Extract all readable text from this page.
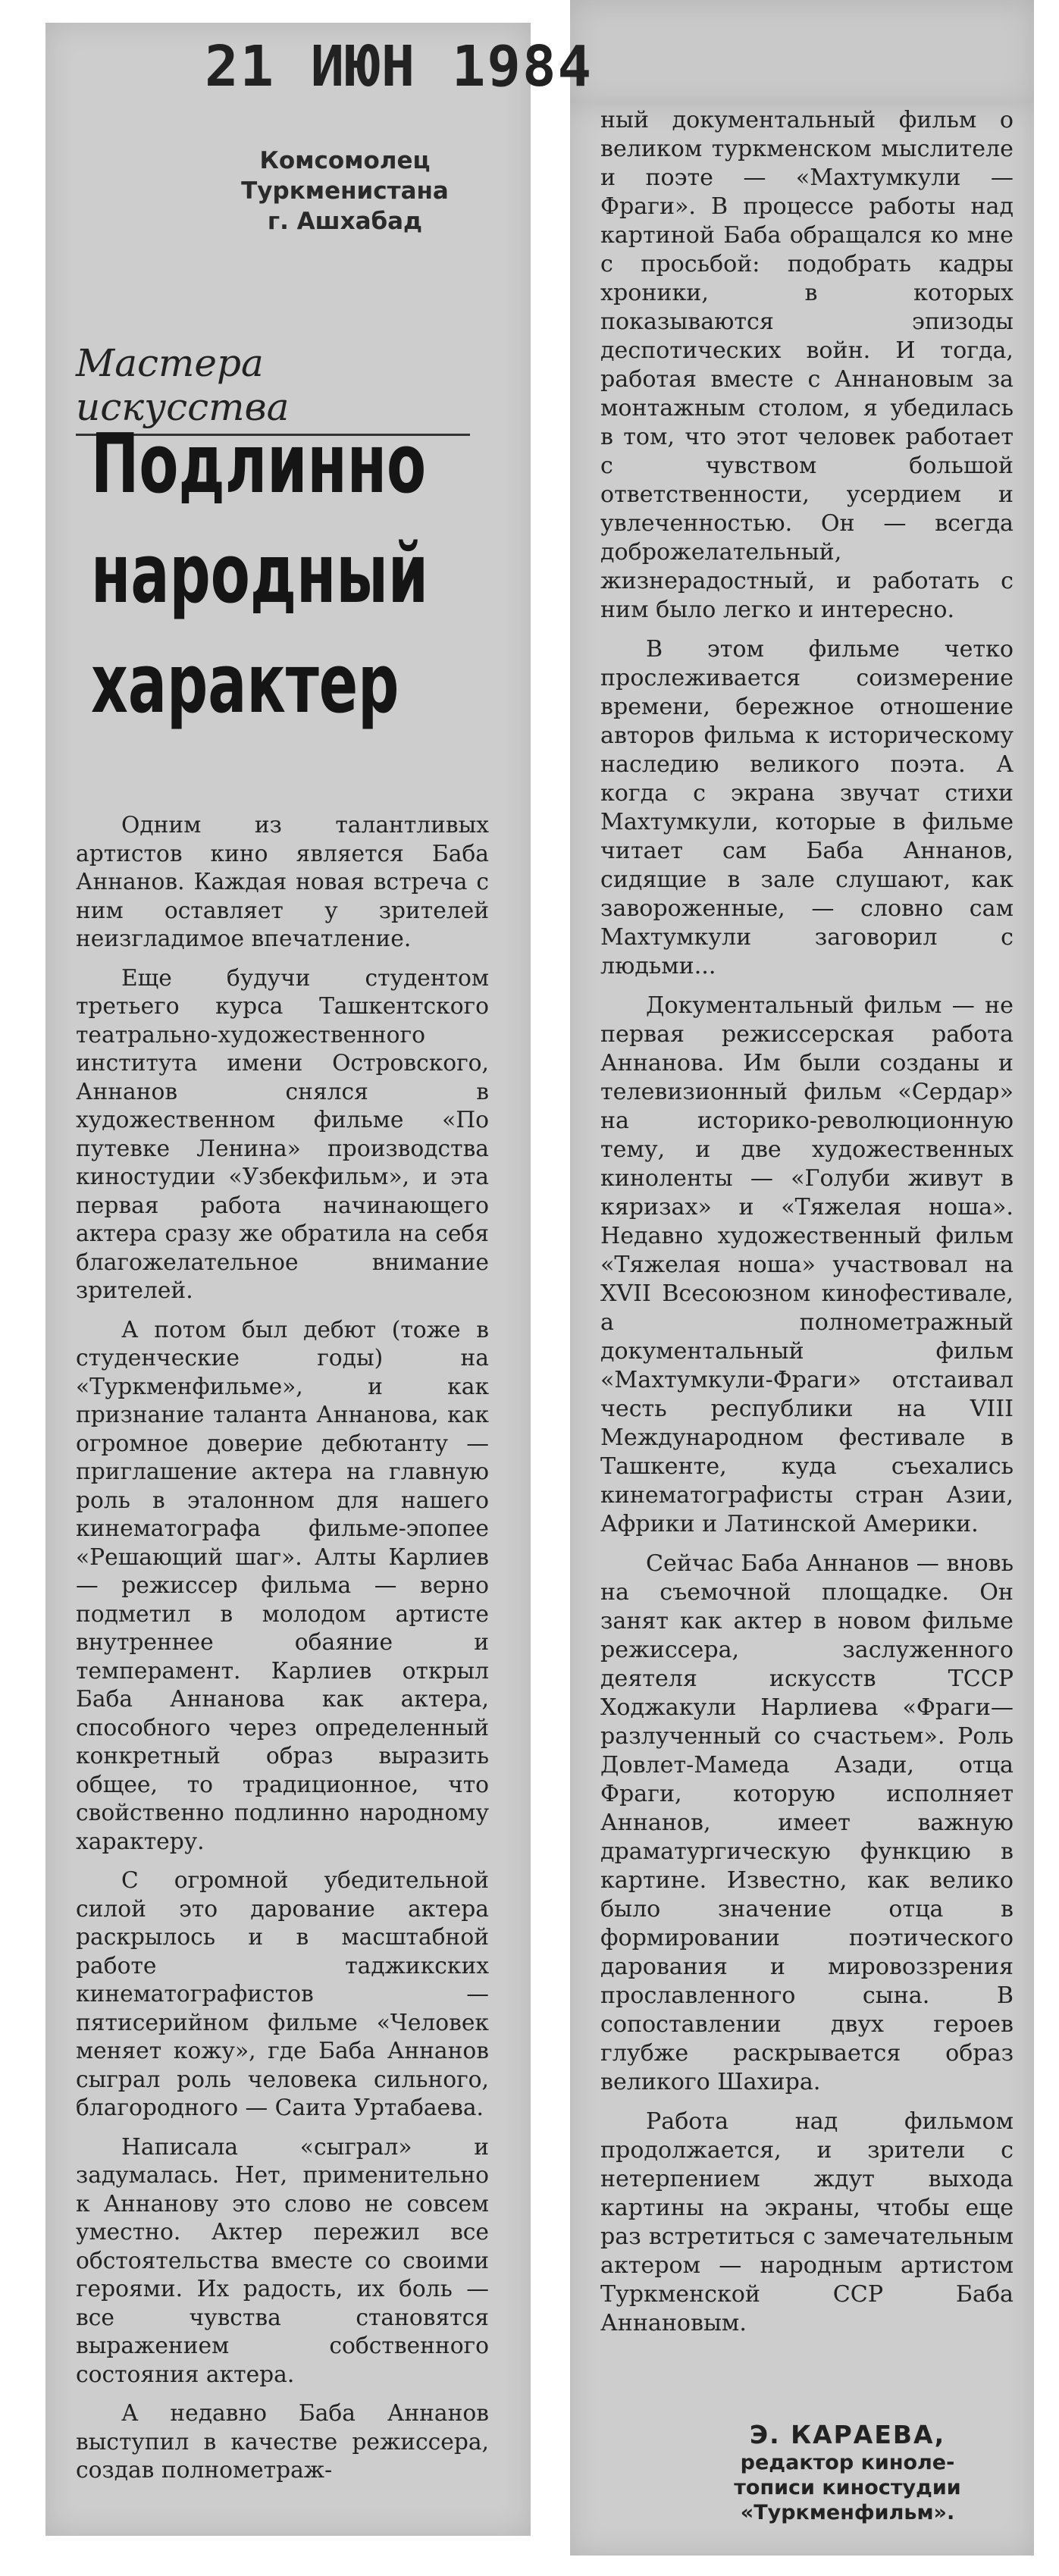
21 ИЮН 1984
Комсомолец Туркменистана
г. Ашхабад
Мастера искусства
Подлинно
народный
характер

Одним из талантливых артистов кино является Баба Аннанов. Каждая новая встреча с ним оставляет у зрителей неизгладимое впечатление.

Еще будучи студентом третьего курса Ташкентского театрально-художественного института имени Островского, Аннанов снялся в художественном фильме «По путевке Ленина» производства киностудии «Узбекфильм», и эта первая работа начинающего актера сразу же обратила на себя благожелательное внимание зрителей.

А потом был дебют (тоже в студенческие годы) на «Туркменфильме», и как признание таланта Аннанова, как огромное доверие дебютанту — приглашение актера на главную роль в эталонном для нашего кинематографа фильме-эпопее «Решающий шаг». Алты Карлиев — режиссер фильма — верно подметил в молодом артисте внутреннее обаяние и темперамент. Карлиев открыл Баба Аннанова как актера, способного через определенный конкретный образ выразить общее, то традиционное, что свойственно подлинно народному характеру.

С огромной убедительной силой это дарование актера раскрылось и в масштабной работе таджикских кинематографистов — пятисерийном фильме «Человек меняет кожу», где Баба Аннанов сыграл роль человека сильного, благородного — Саита Уртабаева.

Написала «сыграл» и задумалась. Нет, применительно к Аннанову это слово не совсем уместно. Актер пережил все обстоятельства вместе со своими героями. Их радость, их боль — все чувства становятся выражением собственного состояния актера.

А недавно Баба Аннанов выступил в качестве режиссера, создав полнометраж-

ный документальный фильм о великом туркменском мыслителе и поэте — «Махтумкули — Фраги». В процессе работы над картиной Баба обращался ко мне с просьбой: подобрать кадры хроники, в которых показываются эпизоды деспотических войн. И тогда, работая вместе с Аннановым за монтажным столом, я убедилась в том, что этот человек работает с чувством большой ответственности, усердием и увлеченностью. Он — всегда доброжелательный, жизнерадостный, и работать с ним было легко и интересно.

В этом фильме четко прослеживается соизмерение времени, бережное отношение авторов фильма к историческому наследию великого поэта. А когда с экрана звучат стихи Махтумкули, которые в фильме читает сам Баба Аннанов, сидящие в зале слушают, как завороженные, — словно сам Махтумкули заговорил с людьми...

Документальный фильм — не первая режиссерская работа Аннанова. Им были созданы и телевизионный фильм «Сердар» на историко-революционную тему, и две художественных киноленты — «Голуби живут в кяризах» и «Тяжелая ноша». Недавно художественный фильм «Тяжелая ноша» участвовал на XVII Всесоюзном кинофестивале, а полнометражный документальный фильм «Махтумкули-Фраги» отстаивал честь республики на VIII Международном фестивале в Ташкенте, куда съехались кинематографисты стран Азии, Африки и Латинской Америки.

Сейчас Баба Аннанов — вновь на съемочной площадке. Он занят как актер в новом фильме режиссера, заслуженного деятеля искусств ТССР Ходжакули Нарлиева «Фраги—разлученный со счастьем». Роль Довлет-Мамеда Азади, отца Фраги, которую исполняет Аннанов, имеет важную драматургическую функцию в картине. Известно, как велико было значение отца в формировании поэтического дарования и мировоззрения прославленного сына. В сопоставлении двух героев глубже раскрывается образ великого Шахира.

Работа над фильмом продолжается, и зрители с нетерпением ждут выхода картины на экраны, чтобы еще раз встретиться с замечательным актером — народным артистом Туркменской ССР Баба Аннановым.

Э. КАРАЕВА,
редактор киноле-
тописи киностудии
«Туркменфильм».
